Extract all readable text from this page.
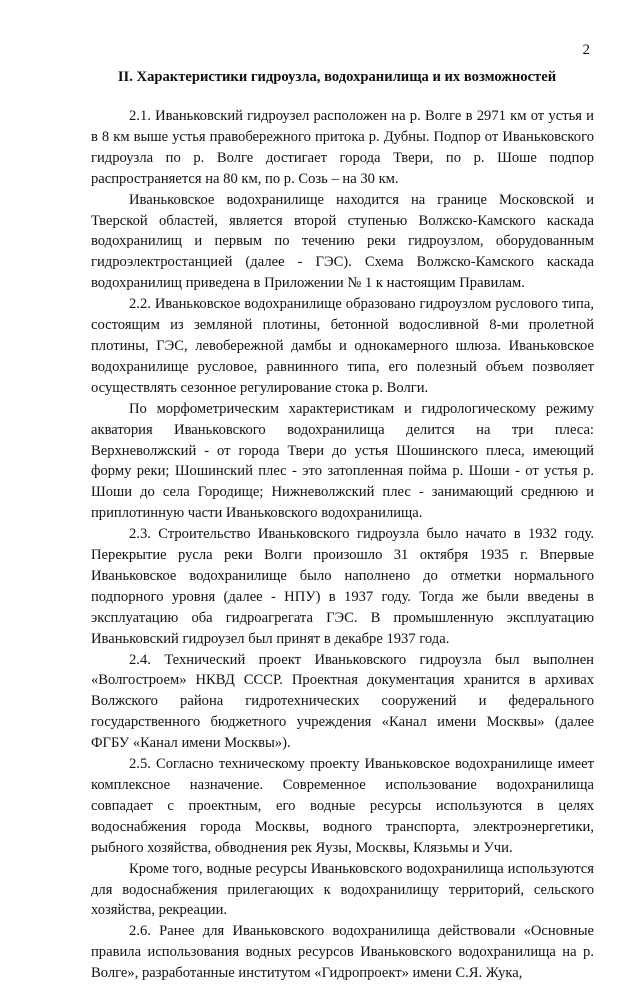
2
II. Характеристики гидроузла, водохранилища и их возможностей

2.1. Иваньковский гидроузел расположен на р. Волге в 2971 км от устья и в 8 км выше устья правобережного притока р. Дубны. Подпор от Иваньковского гидроузла по р. Волге достигает города Твери, по р. Шоше подпор распространяется на 80 км, по р. Созь – на 30 км.

Иваньковское водохранилище находится на границе Московской и Тверской областей, является второй ступенью Волжско-Камского каскада водохранилищ и первым по течению реки гидроузлом, оборудованным гидроэлектростанцией (далее - ГЭС). Схема Волжско-Камского каскада водохранилищ приведена в Приложении № 1 к настоящим Правилам.

2.2. Иваньковское водохранилище образовано гидроузлом руслового типа, состоящим из земляной плотины, бетонной водосливной 8-ми пролетной плотины, ГЭС, левобережной дамбы и однокамерного шлюза. Иваньковское водохранилище русловое, равнинного типа, его полезный объем позволяет осуществлять сезонное регулирование стока р. Волги.

По морфометрическим характеристикам и гидрологическому режиму акватория Иваньковского водохранилища делится на три плеса: Верхневолжский - от города Твери до устья Шошинского плеса, имеющий форму реки; Шошинский плес - это затопленная пойма р. Шоши - от устья р. Шоши до села Городище; Нижневолжский плес - занимающий среднюю и приплотинную части Иваньковского водохранилища.

2.3. Строительство Иваньковского гидроузла было начато в 1932 году. Перекрытие русла реки Волги произошло 31 октября 1935 г. Впервые Иваньковское водохранилище было наполнено до отметки нормального подпорного уровня (далее - НПУ) в 1937 году. Тогда же были введены в эксплуатацию оба гидроагрегата ГЭС. В промышленную эксплуатацию Иваньковский гидроузел был принят в декабре 1937 года.

2.4. Технический проект Иваньковского гидроузла был выполнен «Волгостроем» НКВД СССР. Проектная документация хранится в архивах Волжского района гидротехнических сооружений и федерального государственного бюджетного учреждения «Канал имени Москвы» (далее ФГБУ «Канал имени Москвы»).

2.5. Согласно техническому проекту Иваньковское водохранилище имеет комплексное назначение. Современное использование водохранилища совпадает с проектным, его водные ресурсы используются в целях водоснабжения города Москвы, водного транспорта, электроэнергетики, рыбного хозяйства, обводнения рек Яузы, Москвы, Клязьмы и Учи.

Кроме того, водные ресурсы Иваньковского водохранилища используются для водоснабжения прилегающих к водохранилищу территорий, сельского хозяйства, рекреации.

2.6. Ранее для Иваньковского водохранилища действовали «Основные правила использования водных ресурсов Иваньковского водохранилища на р. Волге», разработанные институтом «Гидропроект» имени С.Я. Жука,
